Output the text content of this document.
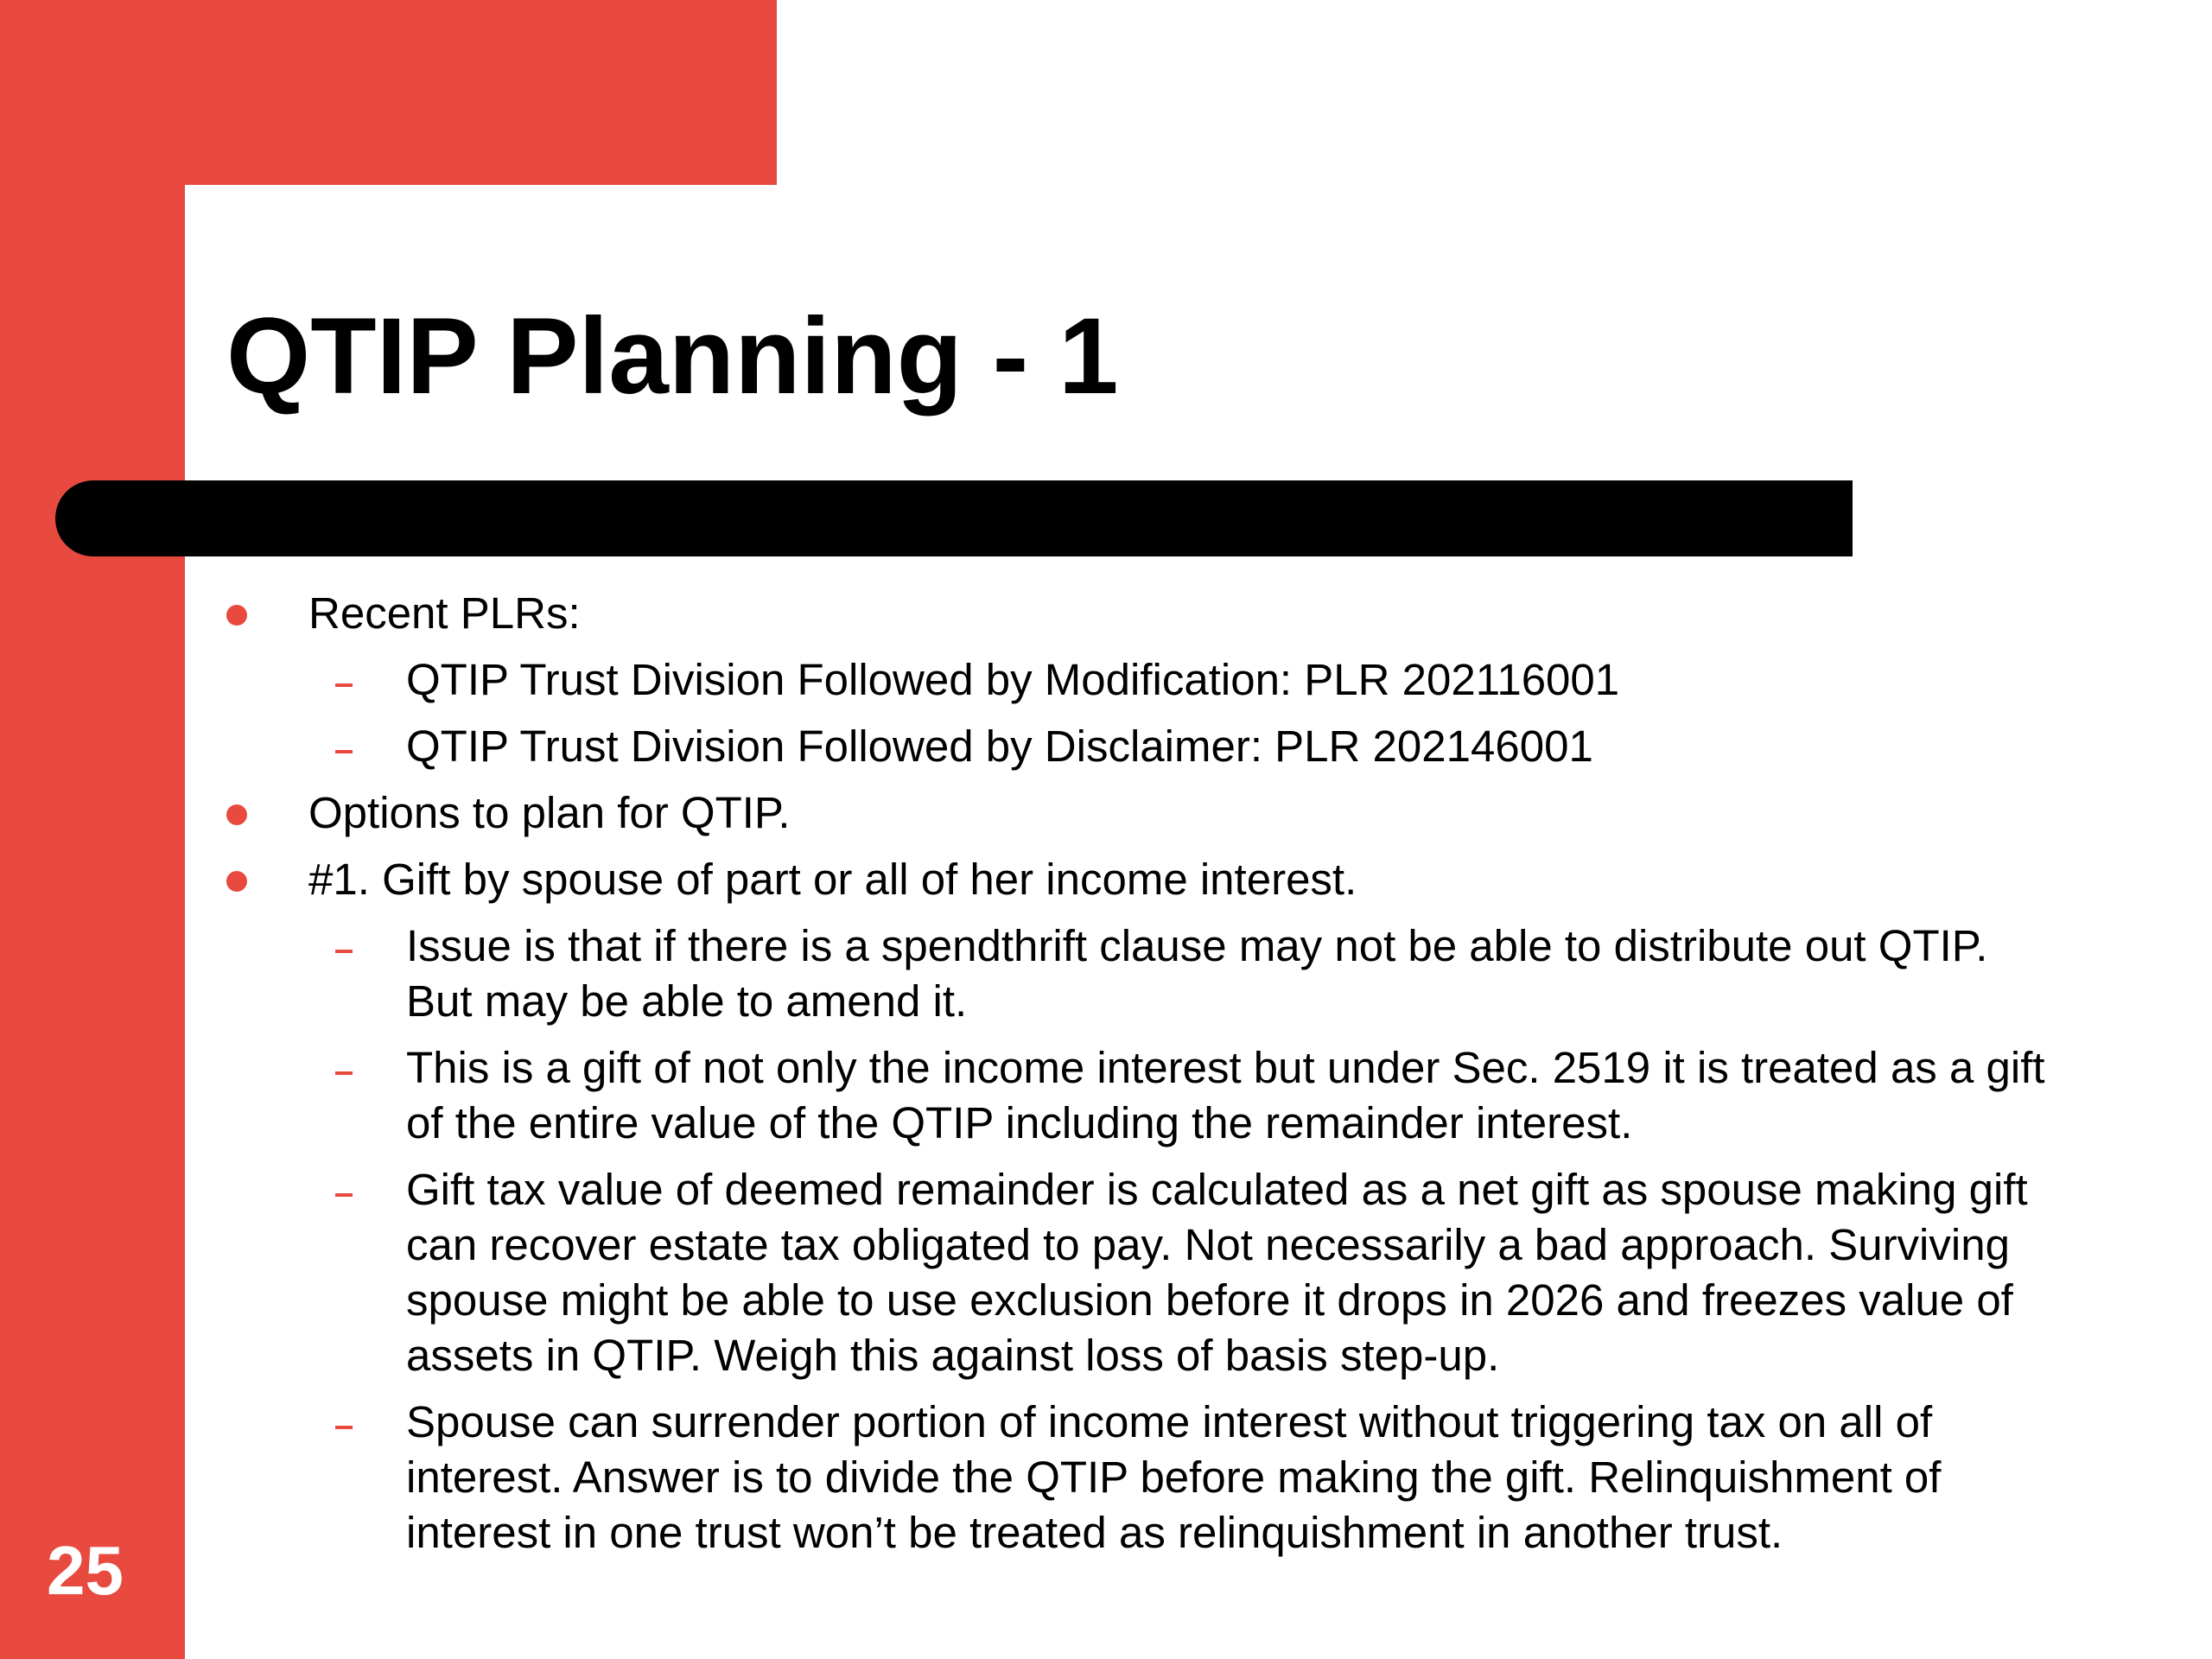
QTIP Planning - 1
Recent PLRs:
QTIP Trust Division Followed by Modification: PLR 202116001
QTIP Trust Division Followed by Disclaimer: PLR 202146001
Options to plan for QTIP.
#1. Gift by spouse of part or all of her income interest.
Issue is that if there is a spendthrift clause may not be able to distribute out QTIP. But may be able to amend it.
This is a gift of not only the income interest but under Sec. 2519 it is treated as a gift of the entire value of the QTIP including the remainder interest.
Gift tax value of deemed remainder is calculated as a net gift as spouse making gift can recover estate tax obligated to pay. Not necessarily a bad approach. Surviving spouse might be able to use exclusion before it drops in 2026 and freezes value of assets in QTIP. Weigh this against loss of basis step-up.
Spouse can surrender portion of income interest without triggering tax on all of interest. Answer is to divide the QTIP before making the gift. Relinquishment of interest in one trust won’t be treated as relinquishment in another trust.
25
